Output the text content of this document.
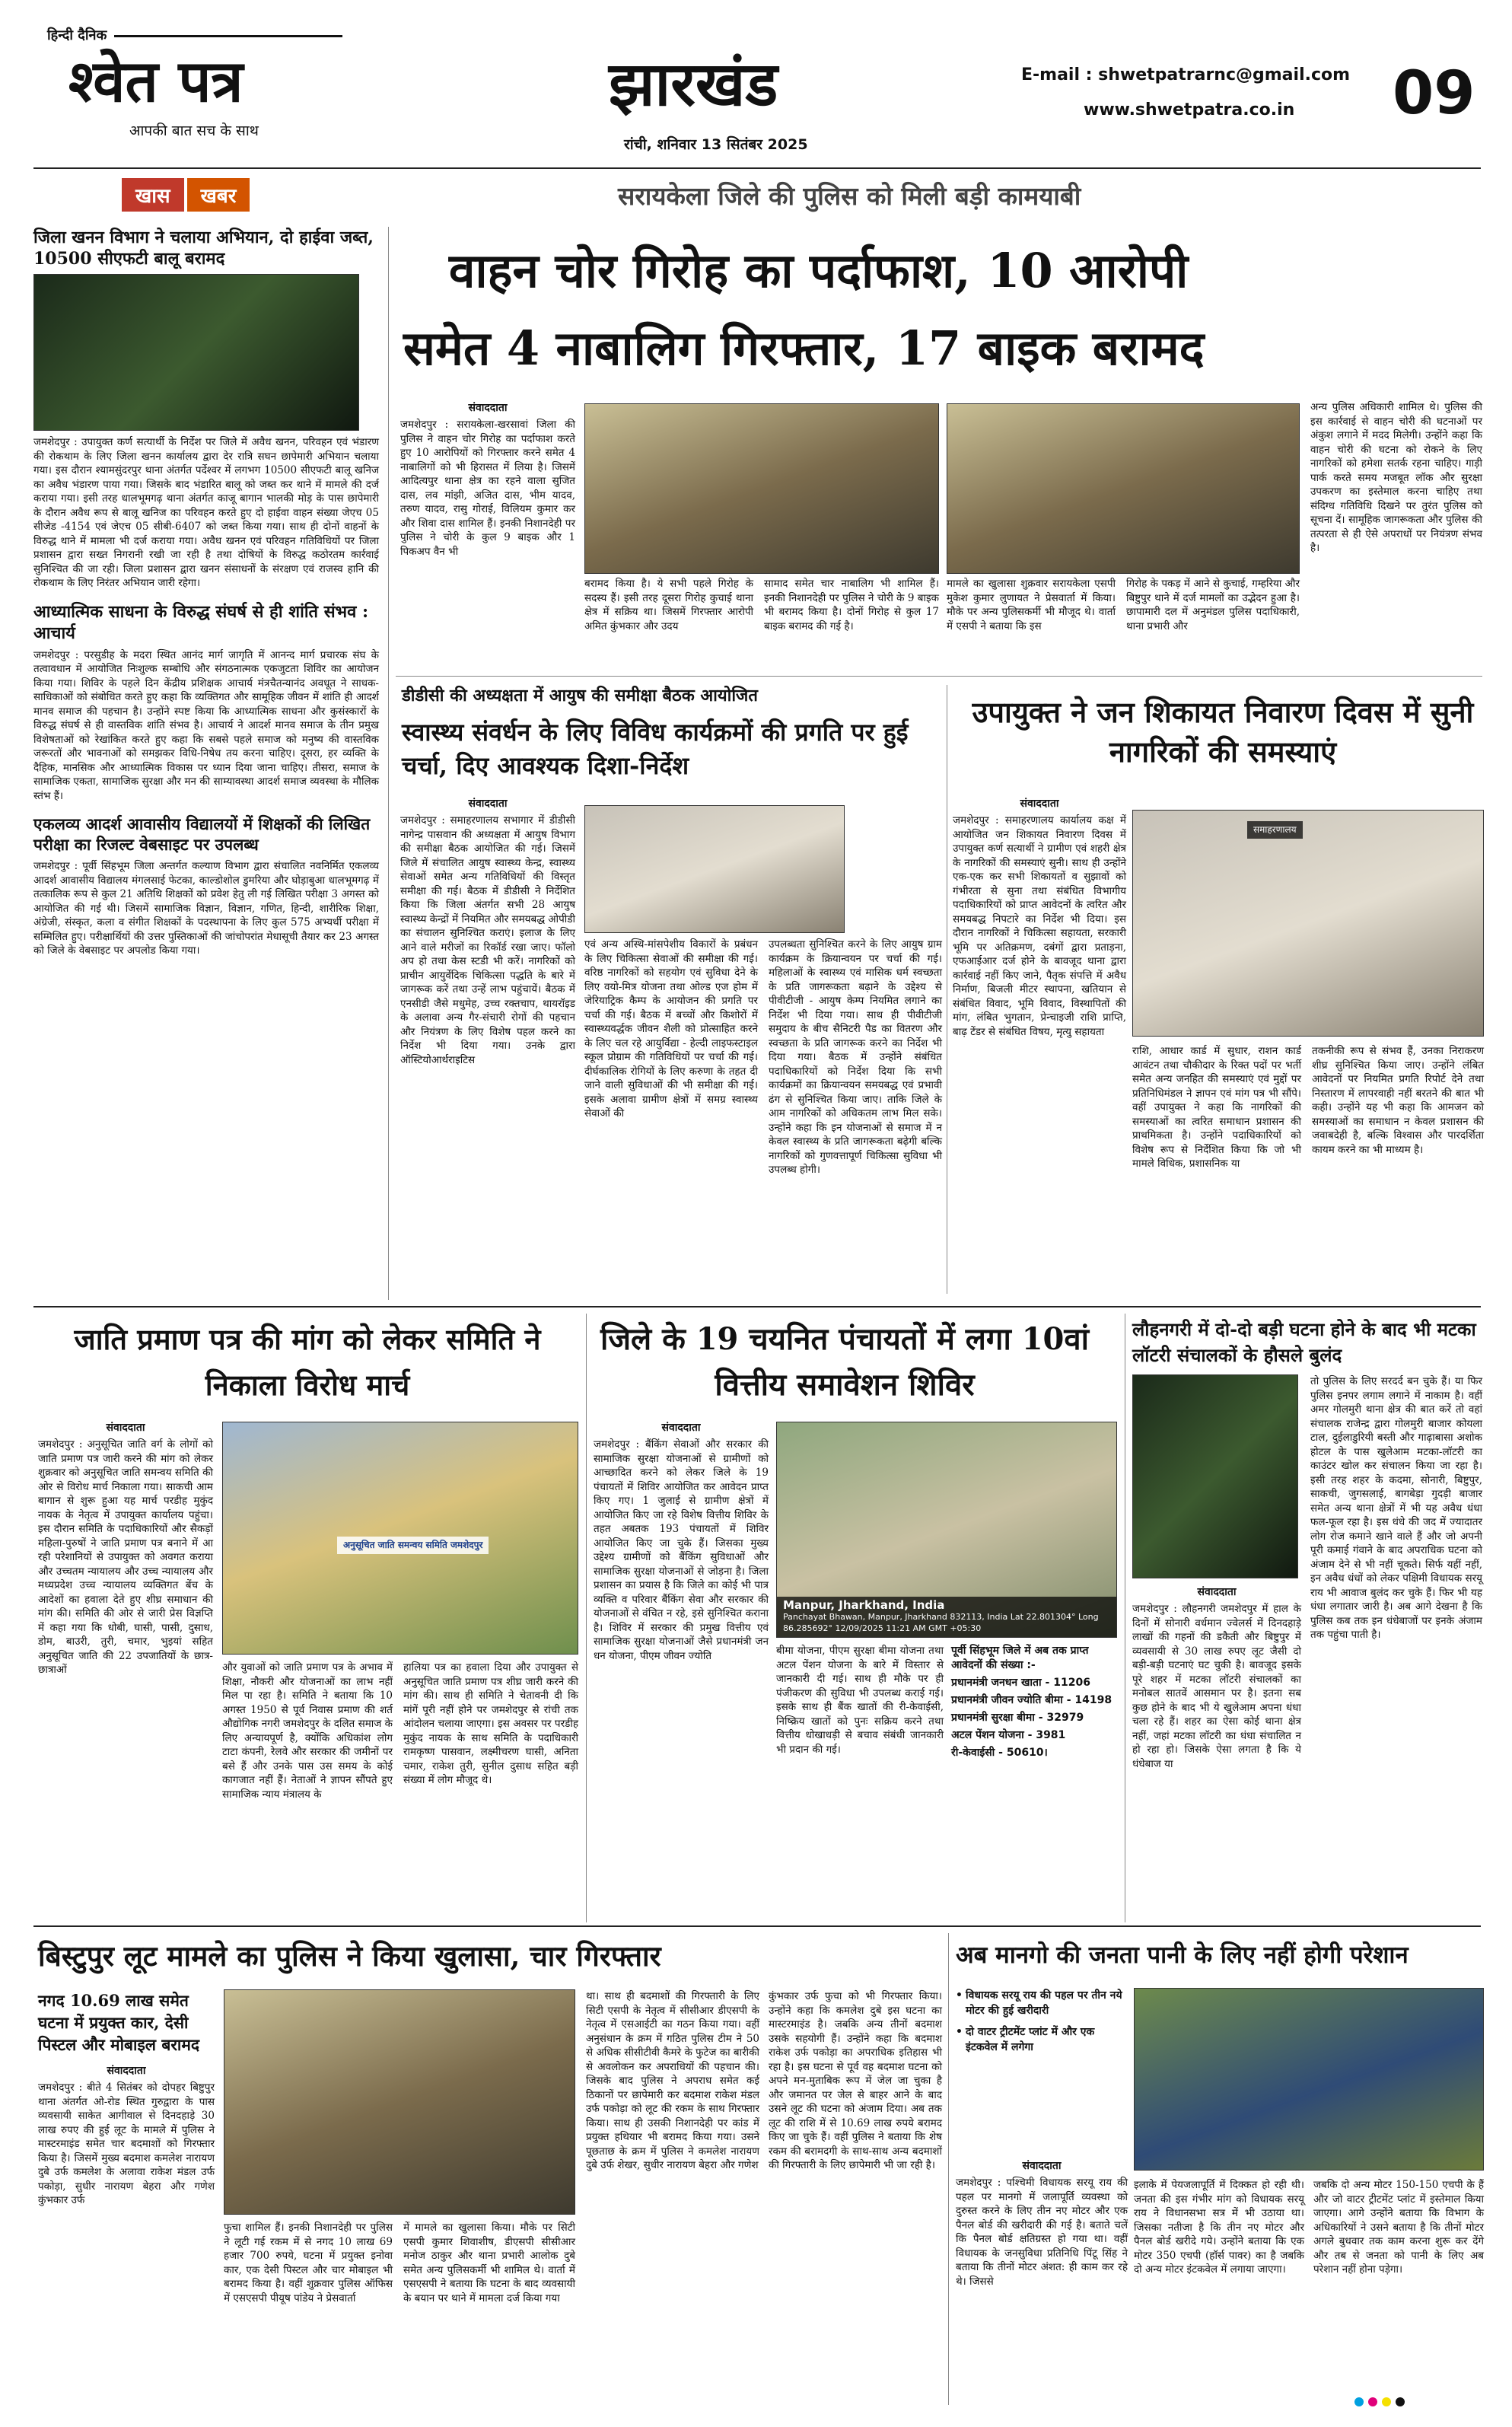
हिन्दी दैनिक
श्वेत पत्र
आपकी बात सच के साथ
झारखंड
रांची, शनिवार 13 सितंबर 2025
E-mail : shwetpatrarnc@gmail.com
www.shwetpatra.co.in 09
खास	खबर	सरायकेला जिले की पुलिस को मिली बड़ी कामयाबी
जिला खनन विभाग ने चलाया अभियान, दो हाईवा जब्त, 10500 सीएफटी बालू बरामद
जमशेदपुर : उपायुक्त कर्ण सत्यार्थी के निर्देश पर जिले में अवैध खनन, परिवहन एवं भंडारण की रोकथाम के लिए जिला खनन कार्यालय द्वारा देर रात्रि सघन छापेमारी अभियान चलाया गया। इस दौरान श्यामसुंदरपुर थाना अंतर्गत पर्देश्वर में लगभग 10500 सीएफटी बालू खनिज का अवैध भंडारण पाया गया। जिसके बाद भंडारित बालू को जब्त कर थाने में मामले की दर्ज कराया गया। इसी तरह धालभूमगढ़ थाना अंतर्गत काजू बागान भालकी मोड़ के पास छापेमारी के दौरान अवैध रूप से बालू खनिज का परिवहन करते हुए दो हाईवा वाहन संख्या जेएच 05 सीजेड -4154 एवं जेएच 05 सीबी-6407 को जब्त किया गया। साथ ही दोनों वाहनों के विरुद्ध थाने में मामला भी दर्ज कराया गया। अवैध खनन एवं परिवहन गतिविधियों पर जिला प्रशासन द्वारा सख्त निगरानी रखी जा रही है तथा दोषियों के विरुद्ध कठोरतम कार्रवाई सुनिश्चित की जा रही। जिला प्रशासन द्वारा खनन संसाधनों के संरक्षण एवं राजस्व हानि की रोकथाम के लिए निरंतर अभियान जारी रहेगा।
आध्यात्मिक साधना के विरुद्ध संघर्ष से ही शांति संभव : आचार्य
जमशेदपुर : परसुडीह के मदरा स्थित आनंद मार्ग जागृति में आनन्द मार्ग प्रचारक संघ के तत्वावधान में आयोजित निःशुल्क सम्बोधि और संगठनात्मक एकजुटता शिविर का आयोजन किया गया। शिविर के पहले दिन केंद्रीय प्रशिक्षक आचार्य मंत्रचैतन्यानंद अवधूत ने साधक-साधिकाओं को संबोधित करते हुए कहा कि व्यक्तिगत और सामूहिक जीवन में शांति ही आदर्श मानव समाज की पहचान है। उन्होंने स्पष्ट किया कि आध्यात्मिक साधना और कुसंस्कारों के विरुद्ध संघर्ष से ही वास्तविक शांति संभव है। आचार्य ने आदर्श मानव समाज के तीन प्रमुख विशेषताओं को रेखांकित करते हुए कहा कि सबसे पहले समाज को मनुष्य की वास्तविक जरूरतों और भावनाओं को समझकर विधि-निषेध तय करना चाहिए। दूसरा, हर व्यक्ति के दैहिक, मानसिक और आध्यात्मिक विकास पर ध्यान दिया जाना चाहिए। तीसरा, समाज के सामाजिक एकता, सामाजिक सुरक्षा और मन की साम्यावस्था आदर्श समाज व्यवस्था के मौलिक स्तंभ हैं।
एकलव्य आदर्श आवासीय विद्यालयों में शिक्षकों की लिखित परीक्षा का रिजल्ट वेबसाइट पर उपलब्ध
जमशेदपुर : पूर्वी सिंहभूम जिला अन्तर्गत कल्याण विभाग द्वारा संचालित नवनिर्मित एकलव्य आदर्श आवासीय विद्यालय मंगलसाई फेटका, काल्डोशोल डुमरिया और घोड़ाबुआ धालभूमगढ़ में तत्कालिक रूप से कुल 21 अतिथि शिक्षकों को प्रवेश हेतु ली गई लिखित परीक्षा 3 अगस्त को आयोजित की गई थी। जिसमें सामाजिक विज्ञान, विज्ञान, गणित, हिन्दी, शारीरिक शिक्षा, अंग्रेजी, संस्कृत, कला व संगीत शिक्षकों के पदस्थापना के लिए कुल 575 अभ्यर्थी परीक्षा में सम्मिलित हुए। परीक्षार्थियों की उत्तर पुस्तिकाओं की जांचोपरांत मेधासूची तैयार कर 23 अगस्त को जिले के वेबसाइट पर अपलोड किया गया।
वाहन चोर गिरोह का पर्दाफाश, 10 आरोपी
समेत 4 नाबालिग गिरफ्तार, 17 बाइक बरामद
संवाददाता
जमशेदपुर : सरायकेला-खरसावां जिला की पुलिस ने वाहन चोर गिरोह का पर्दाफाश करते हुए 10 आरोपियों को गिरफ्तार करने समेत 4 नाबालिगों को भी हिरासत में लिया है। जिसमें आदित्यपुर थाना क्षेत्र का रहने वाला सुजित दास, लव मांझी, अजित दास, भीम यादव, तरुण यादव, रासु गोराई, विलियम कुमार कर और शिवा दास शामिल हैं। इनकी निशानदेही पर पुलिस ने चोरी के कुल 9 बाइक और 1 पिकअप वैन भी
बरामद किया है। ये सभी पहले गिरोह के सदस्य हैं। इसी तरह दूसरा गिरोह कुचाई थाना क्षेत्र में सक्रिय था। जिसमें गिरफ्तार आरोपी अमित कुंभकार और उदय
सामाद समेत चार नाबालिग भी शामिल हैं। इनकी निशानदेही पर पुलिस ने चोरी के 9 बाइक भी बरामद किया है। दोनों गिरोह से कुल 17 बाइक बरामद की गई है।
मामले का खुलासा शुक्रवार सरायकेला एसपी मुकेश कुमार लुणायत ने प्रेसवार्ता में किया। मौके पर अन्य पुलिसकर्मी भी मौजूद थे। वार्ता में एसपी ने बताया कि इस
गिरोह के पकड़ में आने से कुचाई, गम्हरिया और बिष्टुपुर थाने में दर्ज मामलों का उद्भेदन हुआ है। छापामारी दल में अनुमंडल पुलिस पदाधिकारी, थाना प्रभारी और
अन्य पुलिस अधिकारी शामिल थे। पुलिस की इस कार्रवाई से वाहन चोरी की घटनाओं पर अंकुश लगाने में मदद मिलेगी। उन्होंने कहा कि वाहन चोरी की घटना को रोकने के लिए नागरिकों को हमेशा सतर्क रहना चाहिए। गाड़ी पार्क करते समय मजबूत लॉक और सुरक्षा उपकरण का इस्तेमाल करना चाहिए तथा संदिग्ध गतिविधि दिखने पर तुरंत पुलिस को सूचना दें। सामूहिक जागरूकता और पुलिस की तत्परता से ही ऐसे अपराधों पर नियंत्रण संभव है।
डीडीसी की अध्यक्षता में आयुष की समीक्षा बैठक आयोजित
स्वास्थ्य संवर्धन के लिए विविध कार्यक्रमों की प्रगति पर हुई चर्चा, दिए आवश्यक दिशा-निर्देश
संवाददाता
जमशेदपुर : समाहरणालय सभागार में डीडीसी नागेन्द्र पासवान की अध्यक्षता में आयुष विभाग की समीक्षा बैठक आयोजित की गई। जिसमें जिले में संचालित आयुष स्वास्थ्य केन्द्र, स्वास्थ्य सेवाओं समेत अन्य गतिविधियों की विस्तृत समीक्षा की गई। बैठक में डीडीसी ने निर्देशित किया कि जिला अंतर्गत सभी 28 आयुष स्वास्थ्य केन्द्रों में नियमित और समयबद्ध ओपीडी का संचालन सुनिश्चित कराएं। इलाज के लिए आने वाले मरीजों का रिकॉर्ड रखा जाए। फॉलो अप हो तथा केस स्टडी भी करें। नागरिकों को प्राचीन आयुर्वेदिक चिकित्सा पद्धति के बारे में जागरूक करें तथा उन्हें लाभ पहुंचायें। बैठक में एनसीडी जैसे मधुमेह, उच्च रक्तचाप, थायरॉइड के अलावा अन्य गैर-संचारी रोगों की पहचान और नियंत्रण के लिए विशेष पहल करने का निर्देश भी दिया गया। उनके द्वारा ऑस्टियोआर्थराइटिस
एवं अन्य अस्थि-मांसपेशीय विकारों के प्रबंधन के लिए चिकित्सा सेवाओं की समीक्षा की गई। वरिष्ठ नागरिकों को सहयोग एवं सुविधा देने के लिए वयो-मित्र योजना तथा ओल्ड एज होम में जेरियाट्रिक कैम्प के आयोजन की प्रगति पर चर्चा की गई। बैठक में बच्चों और किशोरों में स्वास्थ्यवर्द्धक जीवन शैली को प्रोत्साहित करने के लिए चल रहे आयुर्विद्या - हेल्दी लाइफस्टाइल स्कूल प्रोग्राम की गतिविधियों पर चर्चा की गई। दीर्घकालिक रोगियों के लिए करुणा के तहत दी जाने वाली सुविधाओं की भी समीक्षा की गई। इसके अलावा ग्रामीण क्षेत्रों में समग्र स्वास्थ्य सेवाओं की
उपलब्धता सुनिश्चित करने के लिए आयुष ग्राम कार्यक्रम के क्रियान्वयन पर चर्चा की गई। महिलाओं के स्वास्थ्य एवं मासिक धर्म स्वच्छता के प्रति जागरूकता बढ़ाने के उद्देश्य से पीवीटीजी - आयुष केम्प नियमित लगाने का निर्देश भी दिया गया। साथ ही पीवीटीजी समुदाय के बीच सैनिटरी पैड का वितरण और स्वच्छता के प्रति जागरूक करने का निर्देश भी दिया गया। बैठक में उन्होंने संबंधित पदाधिकारियों को निर्देश दिया कि सभी कार्यक्रमों का क्रियान्वयन समयबद्ध एवं प्रभावी ढंग से सुनिश्चित किया जाए। ताकि जिले के आम नागरिकों को अधिकतम लाभ मिल सके। उन्होंने कहा कि इन योजनाओं से समाज में न केवल स्वास्थ्य के प्रति जागरूकता बढ़ेगी बल्कि नागरिकों को गुणवत्तापूर्ण चिकित्सा सुविधा भी उपलब्ध होगी।
उपायुक्त ने जन शिकायत निवारण दिवस में सुनी नागरिकों की समस्याएं
संवाददाता
जमशेदपुर : समाहरणालय कार्यालय कक्ष में आयोजित जन शिकायत निवारण दिवस में उपायुक्त कर्ण सत्यार्थी ने ग्रामीण एवं शहरी क्षेत्र के नागरिकों की समस्याएं सुनी। साथ ही उन्होंने एक-एक कर सभी शिकायतों व सुझावों को गंभीरता से सुना तथा संबंधित विभागीय पदाधिकारियों को प्राप्त आवेदनों के त्वरित और समयबद्ध निपटारे का निर्देश भी दिया। इस दौरान नागरिकों ने चिकित्सा सहायता, सरकारी भूमि पर अतिक्रमण, दबंगों द्वारा प्रताड़ना, एफआईआर दर्ज होने के बावजूद थाना द्वारा कार्रवाई नहीं किए जाने, पैतृक संपत्ति में अवैध निर्माण, बिजली मीटर स्थापना, खतियान से संबंधित विवाद, भूमि विवाद, विस्थापितों की मांग, लंबित भुगतान, प्रेन्चाइजी राशि प्राप्ति, बाढ़ टेंडर से संबंधित विषय, मृत्यु सहायता
समाहरणालय
राशि, आधार कार्ड में सुधार, राशन कार्ड आवंटन तथा चौकीदार के रिक्त पदों पर भर्ती समेत अन्य जनहित की समस्याएं एवं मुद्दों पर प्रतिनिधिमंडल ने ज्ञापन एवं मांग पत्र भी सौंपे। वहीं उपायुक्त ने कहा कि नागरिकों की समस्याओं का त्वरित समाधान प्रशासन की प्राथमिकता है। उन्होंने पदाधिकारियों को विशेष रूप से निर्देशित किया कि जो भी मामले विधिक, प्रशासनिक या
तकनीकी रूप से संभव हैं, उनका निराकरण शीघ्र सुनिश्चित किया जाए। उन्होंने लंबित आवेदनों पर नियमित प्रगति रिपोर्ट देने तथा निस्तारण में लापरवाही नहीं बरतने की बात भी कही। उन्होंने यह भी कहा कि आमजन को समस्याओं का समाधान न केवल प्रशासन की जवाबदेही है, बल्कि विश्वास और पारदर्शिता कायम करने का भी माध्यम है।
जाति प्रमाण पत्र की मांग को लेकर समिति ने निकाला विरोध मार्च
संवाददाता
जमशेदपुर : अनुसूचित जाति वर्ग के लोगों को जाति प्रमाण पत्र जारी करने की मांग को लेकर शुक्रवार को अनुसूचित जाति समन्वय समिति की ओर से विरोध मार्च निकाला गया। साकची आम बागान से शुरू हुआ यह मार्च परडीह मुकुंद नायक के नेतृत्व में उपायुक्त कार्यालय पहुंचा। इस दौरान समिति के पदाधिकारियों और सैकड़ों महिला-पुरुषों ने जाति प्रमाण पत्र बनाने में आ रही परेशानियों से उपायुक्त को अवगत कराया और उच्चतम न्यायालय और उच्च न्यायालय और मध्यप्रदेश उच्च न्यायालय व्यक्तिगत बेंच के आदेशों का हवाला देते हुए शीघ्र समाधान की मांग की। समिति की ओर से जारी प्रेस विज्ञप्ति में कहा गया कि धोबी, घासी, पासी, दुसाध, डोम, बाउरी, तुरी, चमार, भुइयां सहित अनुसूचित जाति की 22 उपजातियों के छात्र-छात्राओं
अनुसूचित जाति समन्वय समिति जमशेदपुर
और युवाओं को जाति प्रमाण पत्र के अभाव में शिक्षा, नौकरी और योजनाओं का लाभ नहीं मिल पा रहा है। समिति ने बताया कि 10 अगस्त 1950 से पूर्व निवास प्रमाण की शर्त औद्योगिक नगरी जमशेदपुर के दलित समाज के लिए अन्यायपूर्ण है, क्योंकि अधिकांश लोग टाटा कंपनी, रेलवे और सरकार की जमीनों पर बसे हैं और उनके पास उस समय के कोई कागजात नहीं हैं। नेताओं ने ज्ञापन सौंपते हुए सामाजिक न्याय मंत्रालय के
हालिया पत्र का हवाला दिया और उपायुक्त से अनुसूचित जाति प्रमाण पत्र शीघ्र जारी करने की मांग की। साथ ही समिति ने चेतावनी दी कि मांगें पूरी नहीं होने पर जमशेदपुर से रांची तक आंदोलन चलाया जाएगा। इस अवसर पर परडीह मुकुंद नायक के साथ समिति के पदाधिकारी रामकृष्ण पासवान, लक्ष्मीचरण घासी, अनिता चमार, राकेश तुरी, सुनील दुसाध सहित बड़ी संख्या में लोग मौजूद थे।
जिले के 19 चयनित पंचायतों में लगा 10वां वित्तीय समावेशन शिविर
संवाददाता
जमशेदपुर : बैंकिंग सेवाओं और सरकार की सामाजिक सुरक्षा योजनाओं से ग्रामीणों को आच्छादित करने को लेकर जिले के 19 पंचायतों में शिविर आयोजित कर आवेदन प्राप्त किए गए। 1 जुलाई से ग्रामीण क्षेत्रों में आयोजित किए जा रहे विशेष वित्तीय शिविर के तहत अबतक 193 पंचायतों में शिविर आयोजित किए जा चुके हैं। जिसका मुख्य उद्देश्य ग्रामीणों को बैंकिंग सुविधाओं और सामाजिक सुरक्षा योजनाओं से जोड़ना है। जिला प्रशासन का प्रयास है कि जिले का कोई भी पात्र व्यक्ति व परिवार बैंकिंग सेवा और सरकार की योजनाओं से वंचित न रहे, इसे सुनिश्चित कराना है। शिविर में सरकार की प्रमुख वित्तीय एवं सामाजिक सुरक्षा योजनाओं जैसे प्रधानमंत्री जन धन योजना, पीएम जीवन ज्योति
Manpur, Jharkhand, India
Panchayat Bhawan, Manpur, Jharkhand 832113, India Lat 22.801304° Long 86.285692° 12/09/2025 11:21 AM GMT +05:30
बीमा योजना, पीएम सुरक्षा बीमा योजना तथा अटल पेंशन योजना के बारे में विस्तार से जानकारी दी गई। साथ ही मौके पर ही पंजीकरण की सुविधा भी उपलब्ध कराई गई। इसके साथ ही बैंक खातों की री-केवाईसी, निष्क्रिय खातों को पुनः सक्रिय करने तथा वित्तीय धोखाधड़ी से बचाव संबंधी जानकारी भी प्रदान की गई।
पूर्वी सिंहभूम जिले में अब तक प्राप्त आवेदनों की संख्या :-
प्रधानमंत्री जनधन खाता - 11206
प्रधानमंत्री जीवन ज्योति बीमा - 14198
प्रधानमंत्री सुरक्षा बीमा - 32979
अटल पेंशन योजना - 3981
री-केवाईसी - 50610।
लौहनगरी में दो-दो बड़ी घटना होने के बाद भी मटका लॉटरी संचालकों के हौसले बुलंद
तो पुलिस के लिए सरदर्द बन चुके हैं। या फिर पुलिस इनपर लगाम लगाने में नाकाम है। वहीं अमर गोलमुरी थाना क्षेत्र की बात करें तो वहां संचालक राजेन्द्र द्वारा गोलमुरी बाजार कोयला टाल, दुईलाडुरियी बस्ती और गाढ़ाबासा अशोक होटल के पास खुलेआम मटका-लॉटरी का काउंटर खोल कर संचालन किया जा रहा है। इसी तरह शहर के कदमा, सोनारी, बिष्टुपुर, साकची, जुगसलाई, बागबेड़ा गुदड़ी बाजार समेत अन्य थाना क्षेत्रों में भी यह अवैध धंधा फल-फूल रहा है। इस धंधे की जद में ज्यादातर लोग रोज कमाने खाने वाले हैं और जो अपनी पूरी कमाई गंवाने के बाद अपराधिक घटना को अंजाम देने से भी नहीं चूकते। सिर्फ यहीं नहीं, इन अवैध धंधों को लेकर पक्षिमी विधायक सरयू राय भी आवाज बुलंद कर चुके हैं। फिर भी यह धंधा लगातार जारी है। अब आगे देखना है कि पुलिस कब तक इन धंधेबाजों पर इनके अंजाम तक पहुंचा पाती है।
संवाददाता
जमशेदपुर : लौहनगरी जमशेदपुर में हाल के दिनों में सोनारी वर्धमान ज्वेलर्स में दिनदहाड़े लाखों की गहनों की डकैती और बिष्टुपुर में व्यवसायी से 30 लाख रुपए लूट जैसी दो बड़ी-बड़ी घटनाएं घट चुकी है। बावजूद इसके पूरे शहर में मटका लॉटरी संचालकों का मनोबल सातवें आसमान पर है। इतना सब कुछ होने के बाद भी ये खुलेआम अपना धंधा चला रहे हैं। शहर का ऐसा कोई थाना क्षेत्र नहीं, जहां मटका लॉटरी का धंधा संचालित न हो रहा हो। जिसके ऐसा लगता है कि ये धंधेबाज या
बिस्टुपुर लूट मामले का पुलिस ने किया खुलासा, चार गिरफ्तार
नगद 10.69 लाख समेत घटना में प्रयुक्त कार, देसी पिस्टल और मोबाइल बरामद
संवाददाता
जमशेदपुर : बीते 4 सितंबर को दोपहर बिष्टुपुर थाना अंतर्गत ओ-रोड स्थित गुरुद्वारा के पास व्यवसायी साकेत आगीवाल से दिनदहाड़े 30 लाख रुपए की हुई लूट के मामले में पुलिस ने मास्टरमाइंड समेत चार बदमाशों को गिरफ्तार किया है। जिसमें मुख्य बदमाश कमलेश नारायण दुबे उर्फ कमलेश के अलावा राकेश मंडल उर्फ पकोड़ा, सुधीर नारायण बेहरा और गणेश कुंभकार उर्फ
फुचा शामिल हैं। इनकी निशानदेही पर पुलिस ने लूटी गई रकम में से नगद 10 लाख 69 हजार 700 रुपये, घटना में प्रयुक्त इनोवा कार, एक देसी पिस्टल और चार मोबाइल भी बरामद किया है। वहीं शुक्रवार पुलिस ऑफिस में एसएसपी पीयूष पांडेय ने प्रेसवार्ता
में मामले का खुलासा किया। मौके पर सिटी एसपी कुमार शिवाशीष, डीएसपी सीसीआर मनोज ठाकुर और थाना प्रभारी आलोक दुबे समेत अन्य पुलिसकर्मी भी शामिल थे। वार्ता में एसएसपी ने बताया कि घटना के बाद व्यवसायी के बयान पर थाने में मामला दर्ज किया गया
था। साथ ही बदमाशों की गिरफ्तारी के लिए सिटी एसपी के नेतृत्व में सीसीआर डीएसपी के नेतृत्व में एसआईटी का गठन किया गया। वहीं अनुसंधान के क्रम में गठित पुलिस टीम ने 50 से अधिक सीसीटीवी कैमरे के फुटेज का बारीकी से अवलोकन कर अपराधियों की पहचान की। जिसके बाद पुलिस ने अपराध समेत कई ठिकानों पर छापेमारी कर बदमाश राकेश मंडल उर्फ पकोड़ा को लूट की रकम के साथ गिरफ्तार किया। साथ ही उसकी निशानदेही पर कांड में प्रयुक्त हथियार भी बरामद किया गया। उसने पूछताछ के क्रम में पुलिस ने कमलेश नारायण दुबे उर्फ शेखर, सुधीर नारायण बेहरा और गणेश
कुंभकार उर्फ फुचा को भी गिरफ्तार किया। उन्होंने कहा कि कमलेश दुबे इस घटना का मास्टरमाइंड है। जबकि अन्य तीनों बदमाश उसके सहयोगी हैं। उन्होंने कहा कि बदमाश राकेश उर्फ पकोड़ा का अपराधिक इतिहास भी रहा है। इस घटना से पूर्व वह बदमाश घटना को अपने मन-मुताबिक रूप में जेल जा चुका है और जमानत पर जेल से बाहर आने के बाद उसने लूट की घटना को अंजाम दिया। अब तक लूट की राशि में से 10.69 लाख रुपये बरामद किए जा चुके हैं। वहीं पुलिस ने बताया कि शेष रकम की बरामदगी के साथ-साथ अन्य बदमाशों की गिरफ्तारी के लिए छापेमारी भी जा रही है।
अब मानगो की जनता पानी के लिए नहीं होगी परेशान
• विधायक सरयू राय की पहल पर तीन नये मोटर की हुई खरीदारी
• दो वाटर ट्रीटमेंट प्लांट में और एक इंटकवेल में लगेगा
संवाददाता
जमशेदपुर : पश्चिमी विधायक सरयू राय की पहल पर मानगो में जलापूर्ति व्यवस्था को दुरुस्त करने के लिए तीन नए मोटर और एक पैनल बोर्ड की खरीदारी की गई है। बताते चलें कि पैनल बोर्ड क्षतिग्रस्त हो गया था। वहीं विधायक के जनसुविधा प्रतिनिधि पिंटू सिंह ने बताया कि तीनों मोटर अंशत: ही काम कर रहे थे। जिससे
इलाके में पेयजलापूर्ति में दिक्कत हो रही थी। जनता की इस गंभीर मांग को विधायक सरयू राय ने विधानसभा सत्र में भी उठाया था। जिसका नतीजा है कि तीन नए मोटर और पैनल बोर्ड खरीदे गये। उन्होंने बताया कि एक मोटर 350 एचपी (हॉर्स पावर) का है जबकि दो अन्य मोटर इंटकवेल में लगाया जाएगा।
जबकि दो अन्य मोटर 150-150 एचपी के हैं और जो वाटर ट्रीटमेंट प्लांट में इस्तेमाल किया जाएगा। आगे उन्होंने बताया कि विभाग के अधिकारियों ने उसने बताया है कि तीनों मोटर अगले बुधवार तक काम करना शुरू कर देंगे और तब से जनता को पानी के लिए अब परेशान नहीं होना पड़ेगा।
